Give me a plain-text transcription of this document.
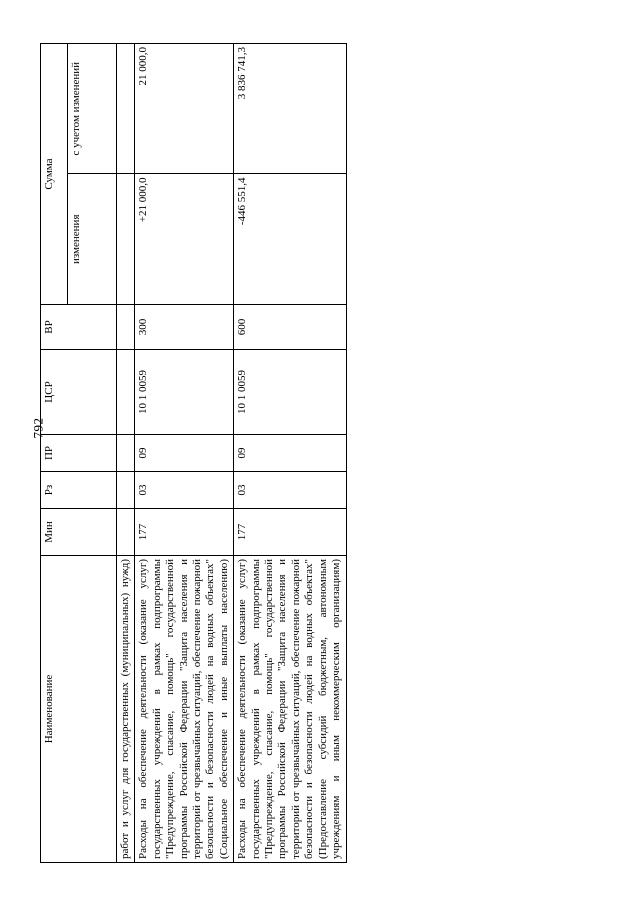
792
Наименование	Мин	Рз	ПР	ЦСР	ВР	Сумма	
						изменения	с учетом изменений
работ и услуг для государственных (муниципальных) нужд)							
Расходы на обеспечение деятельности (оказание услуг) государственных учреждений в рамках подпрограммы "Предупреждение, спасание, помощь" государственной программы Российской Федерации "Защита населения и территорий от чрезвычайных ситуаций, обеспечение пожарной безопасности и безопасности людей на водных объектах" (Социальное обеспечение и иные выплаты населению)	177	03	09	10 1 0059	300	+21 000,0	21 000,0
Расходы на обеспечение деятельности (оказание услуг) государственных учреждений в рамках подпрограммы "Предупреждение, спасание, помощь" государственной программы Российской Федерации "Защита населения и территорий от чрезвычайных ситуаций, обеспечение пожарной безопасности и безопасности людей на водных объектах" (Предоставление субсидий бюджетным, автономным учреждениям и иным некоммерческим организациям)	177	03	09	10 1 0059	600	-446 551,4	3 836 741,3
